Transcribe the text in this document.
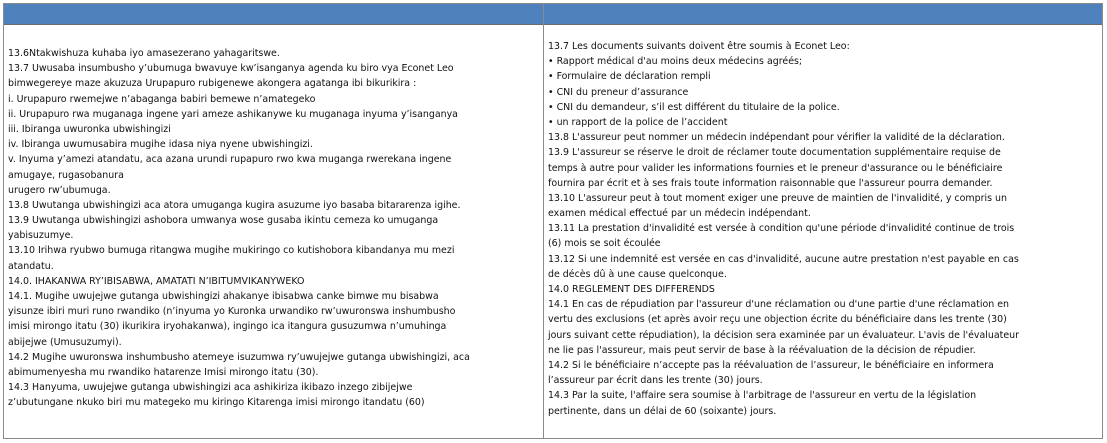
13.6Ntakwishuza kuhaba iyo amasezerano yahagaritswe.
13.7 Uwusaba insumbusho y’ubumuga bwavuye kw’isanganya agenda ku biro vya Econet Leo
bimwegereye maze akuzuza Urupapuro rubigenewe akongera agatanga ibi bikurikira :
i. Urupapuro rwemejwe n’abaganga babiri bemewe n’amategeko
ii. Urupapuro rwa muganaga ingene yari ameze ashikanywe ku muganaga inyuma y’isanganya
iii. Ibiranga uwuronka ubwishingizi
iv. Ibiranga uwumusabira mugihe idasa niya nyene ubwishingizi.
v. Inyuma y’amezi atandatu, aca azana urundi rupapuro rwo kwa muganga rwerekana ingene
amugaye, rugasobanura
urugero rw’ubumuga.
13.8 Uwutanga ubwishingizi aca atora umuganga kugira asuzume iyo basaba bitararenza igihe.
13.9 Uwutanga ubwishingizi ashobora umwanya wose gusaba ikintu cemeza ko umuganga
yabisuzumye.
13.10 Irihwa ryubwo bumuga ritangwa mugihe mukiringo co kutishobora kibandanya mu mezi
atandatu.
14.0. IHAKANWA RY’IBISABWA, AMATATI N’IBITUMVIKANYWEKO
14.1. Mugihe uwujejwe gutanga ubwishingizi ahakanye ibisabwa canke bimwe mu bisabwa
yisunze ibiri muri runo rwandiko (n’inyuma yo Kuronka urwandiko rw’uwuronswa inshumbusho
imisi mirongo itatu (30) ikurikira iryohakanwa), ingingo ica itangura gusuzumwa n’umuhinga
abijejwe (Umusuzumyi).
14.2 Mugihe uwuronswa inshumbusho atemeye isuzumwa ry’uwujejwe gutanga ubwishingizi, aca
abimumenyesha mu rwandiko hatarenze Imisi mirongo itatu (30).
14.3 Hanyuma, uwujejwe gutanga ubwishingizi aca ashikiriza ikibazo inzego zibijejwe
z’ubutungane nkuko biri mu mategeko mu kiringo Kitarenga imisi mirongo itandatu (60)
13.7 Les documents suivants doivent être soumis à Econet Leo:
• Rapport médical d'au moins deux médecins agréés;
• Formulaire de déclaration rempli
• CNI du preneur d’assurance
• CNI du demandeur, s’il est différent du titulaire de la police.
• un rapport de la police de l’accident
13.8 L'assureur peut nommer un médecin indépendant pour vérifier la validité de la déclaration.
13.9 L'assureur se réserve le droit de réclamer toute documentation supplémentaire requise de
temps à autre pour valider les informations fournies et le preneur d'assurance ou le bénéficiaire
fournira par écrit et à ses frais toute information raisonnable que l'assureur pourra demander.
13.10 L'assureur peut à tout moment exiger une preuve de maintien de l'invalidité, y compris un
examen médical effectué par un médecin indépendant.
13.11 La prestation d'invalidité est versée à condition qu'une période d'invalidité continue de trois
(6) mois se soit écoulée
13.12 Si une indemnité est versée en cas d'invalidité, aucune autre prestation n'est payable en cas
de décès dû à une cause quelconque.
14.0 REGLEMENT DES DIFFERENDS
14.1 En cas de répudiation par l'assureur d'une réclamation ou d'une partie d'une réclamation en
vertu des exclusions (et après avoir reçu une objection écrite du bénéficiaire dans les trente (30)
jours suivant cette répudiation), la décision sera examinée par un évaluateur. L'avis de l'évaluateur
ne lie pas l'assureur, mais peut servir de base à la réévaluation de la décision de répudier.
14.2 Si le bénéficiaire n’accepte pas la réévaluation de l’assureur, le bénéficiaire en informera
l’assureur par écrit dans les trente (30) jours.
14.3 Par la suite, l'affaire sera soumise à l'arbitrage de l'assureur en vertu de la législation
pertinente, dans un délai de 60 (soixante) jours.
